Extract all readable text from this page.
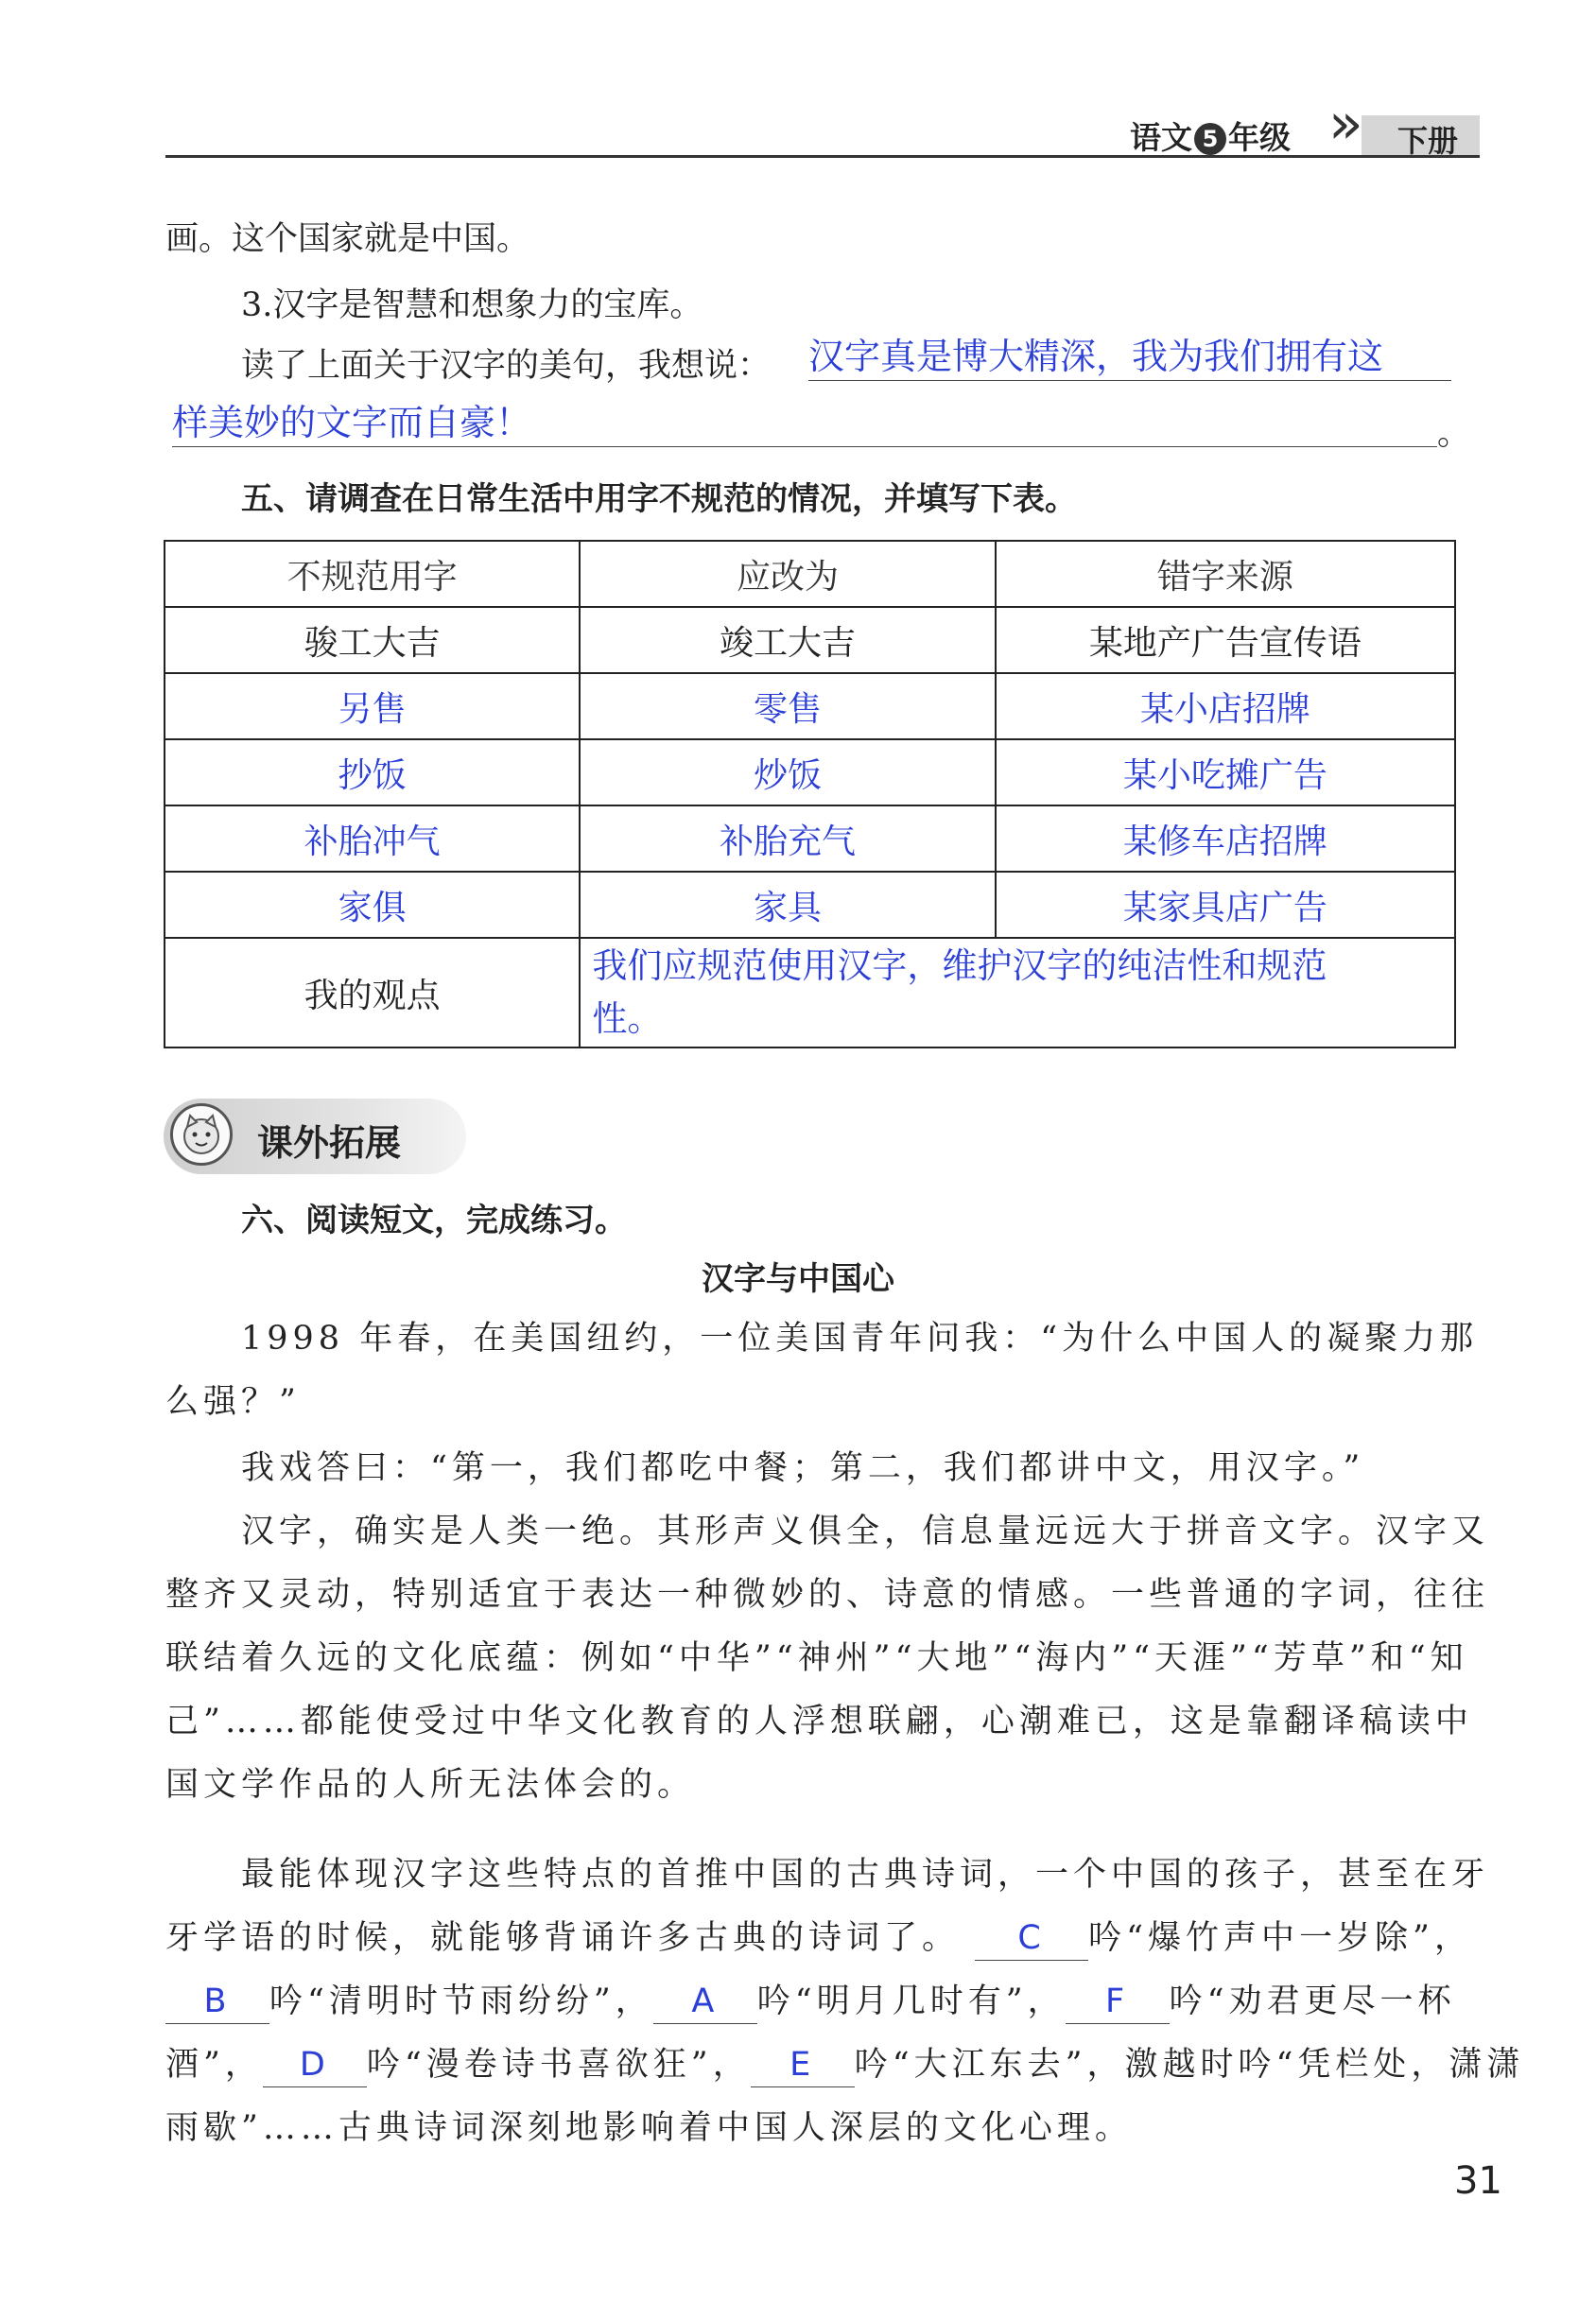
语文 5 年级 » 下册
画。这个国家就是中国。
3.汉字是智慧和想象力的宝库。
读了上面关于汉字的美句，我想说： 汉字真是博大精深，我为我们拥有这
样美妙的文字而自豪！	。
五、请调查在日常生活中用字不规范的情况，并填写下表。
不规范用字	应改为	错字来源
骏工大吉	竣工大吉	某地产广告宣传语
另售	零售	某小店招牌
抄饭	炒饭	某小吃摊广告
补胎冲气	补胎充气	某修车店招牌
家俱	家具	某家具店广告
我的观点	我们应规范使用汉字，维护汉字的纯洁性和规范
性。	
课外拓展
六、阅读短文，完成练习。
汉字与中国心
1998 年春，在美国纽约，一位美国青年问我：“为什么中国人的凝聚力那
么强？”
我戏答曰：“第一，我们都吃中餐；第二，我们都讲中文，用汉字。”
汉字，确实是人类一绝。其形声义俱全，信息量远远大于拼音文字。汉字又
整齐又灵动，特别适宜于表达一种微妙的、诗意的情感。一些普通的字词，往往
联结着久远的文化底蕴：例如“中华”“神州”“大地”“海内”“天涯”“芳草”和“知
己”……都能使受过中华文化教育的人浮想联翩，心潮难已，这是靠翻译稿读中
国文学作品的人所无法体会的。
最能体现汉字这些特点的首推中国的古典诗词，一个中国的孩子，甚至在牙
牙学语的时候，就能够背诵许多古典的诗词了。 C 吟“爆竹声中一岁除”，
B 吟“清明时节雨纷纷”， A 吟“明月几时有”， F 吟“劝君更尽一杯
酒”， D 吟“漫卷诗书喜欲狂”， E 吟“大江东去”，激越时吟“凭栏处，潇潇
雨歇”……古典诗词深刻地影响着中国人深层的文化心理。
31
